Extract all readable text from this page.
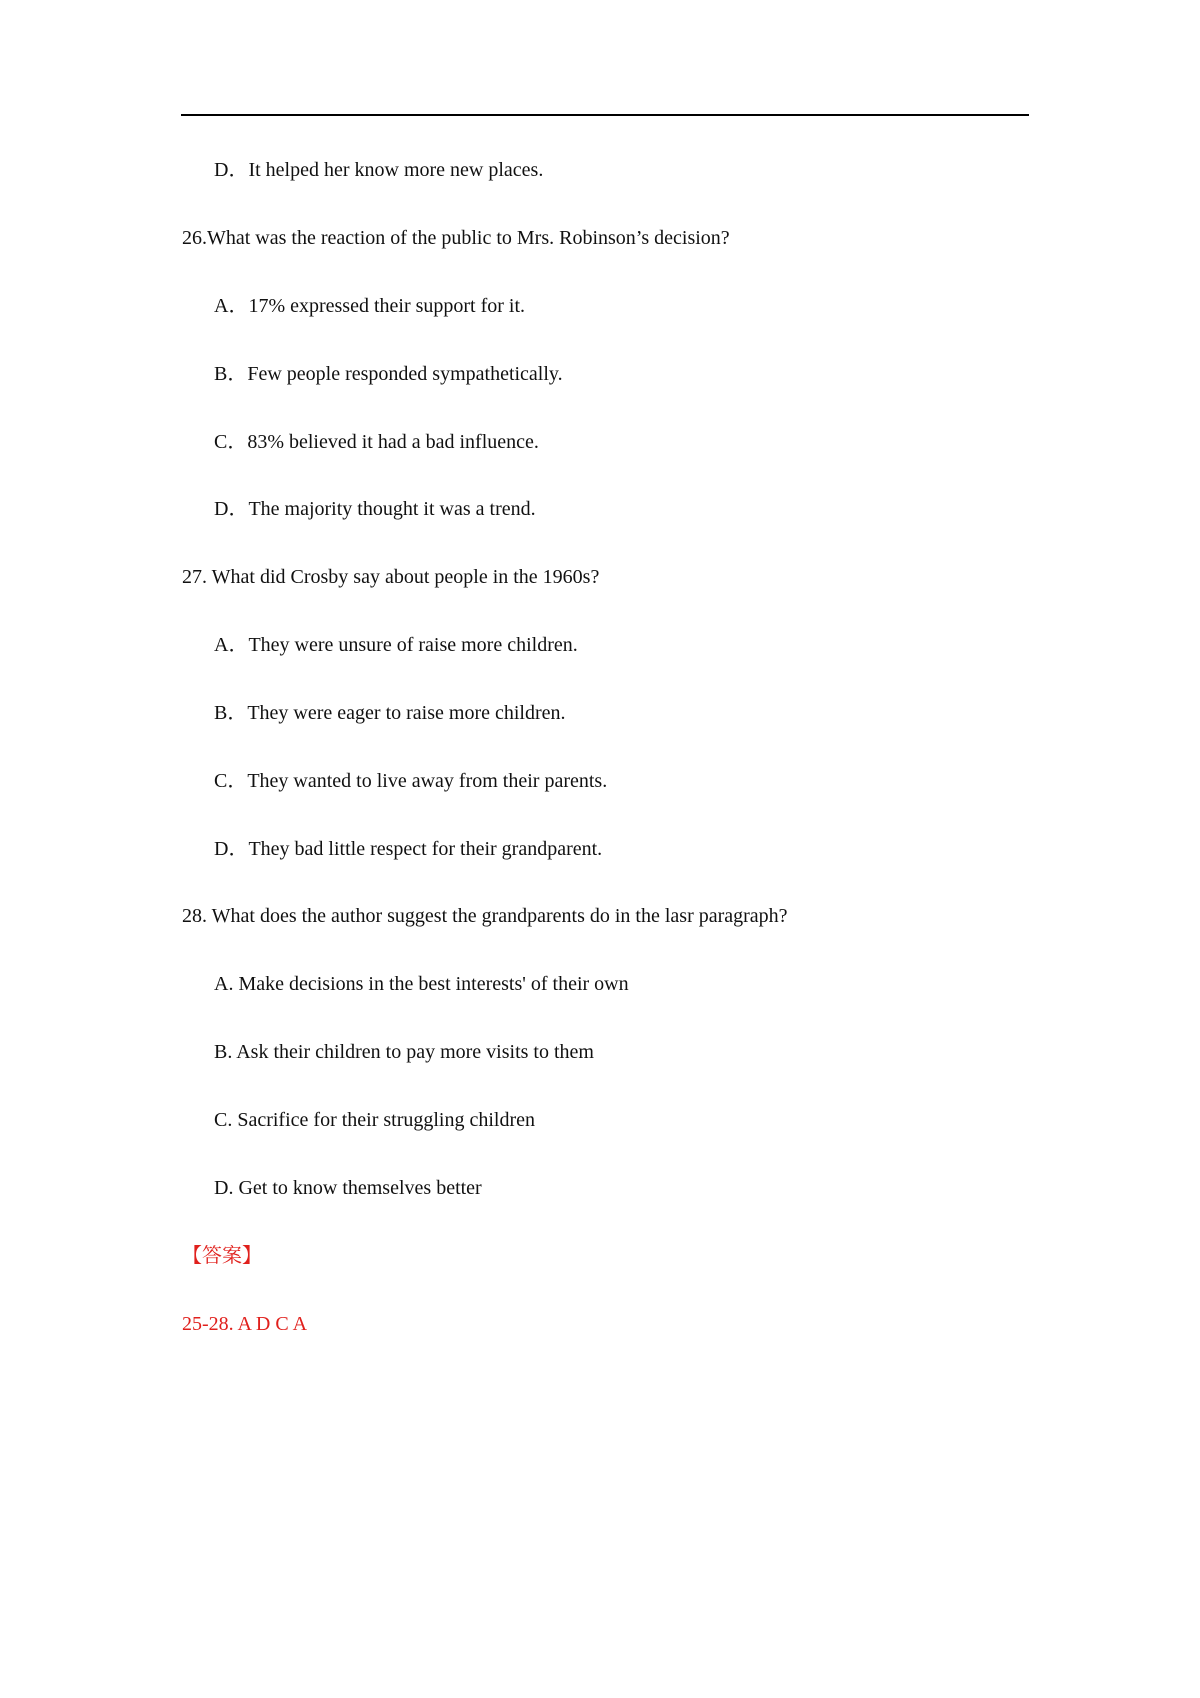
D．It helped her know more new places.
26.What was the reaction of the public to Mrs. Robinson’s decision?
A．17% expressed their support for it.
B．Few people responded sympathetically.
C．83% believed it had a bad influence.
D．The majority thought it was a trend.
27. What did Crosby say about people in the 1960s?
A．They were unsure of raise more children.
B．They were eager to raise more children.
C．They wanted to live away from their parents.
D．They bad little respect for their grandparent.
28. What does the author suggest the grandparents do in the lasr paragraph?
A. Make decisions in the best interests' of their own
B. Ask their children to pay more visits to them
C. Sacrifice for their struggling children
D. Get to know themselves better
【答案】
25-28. A D C A
